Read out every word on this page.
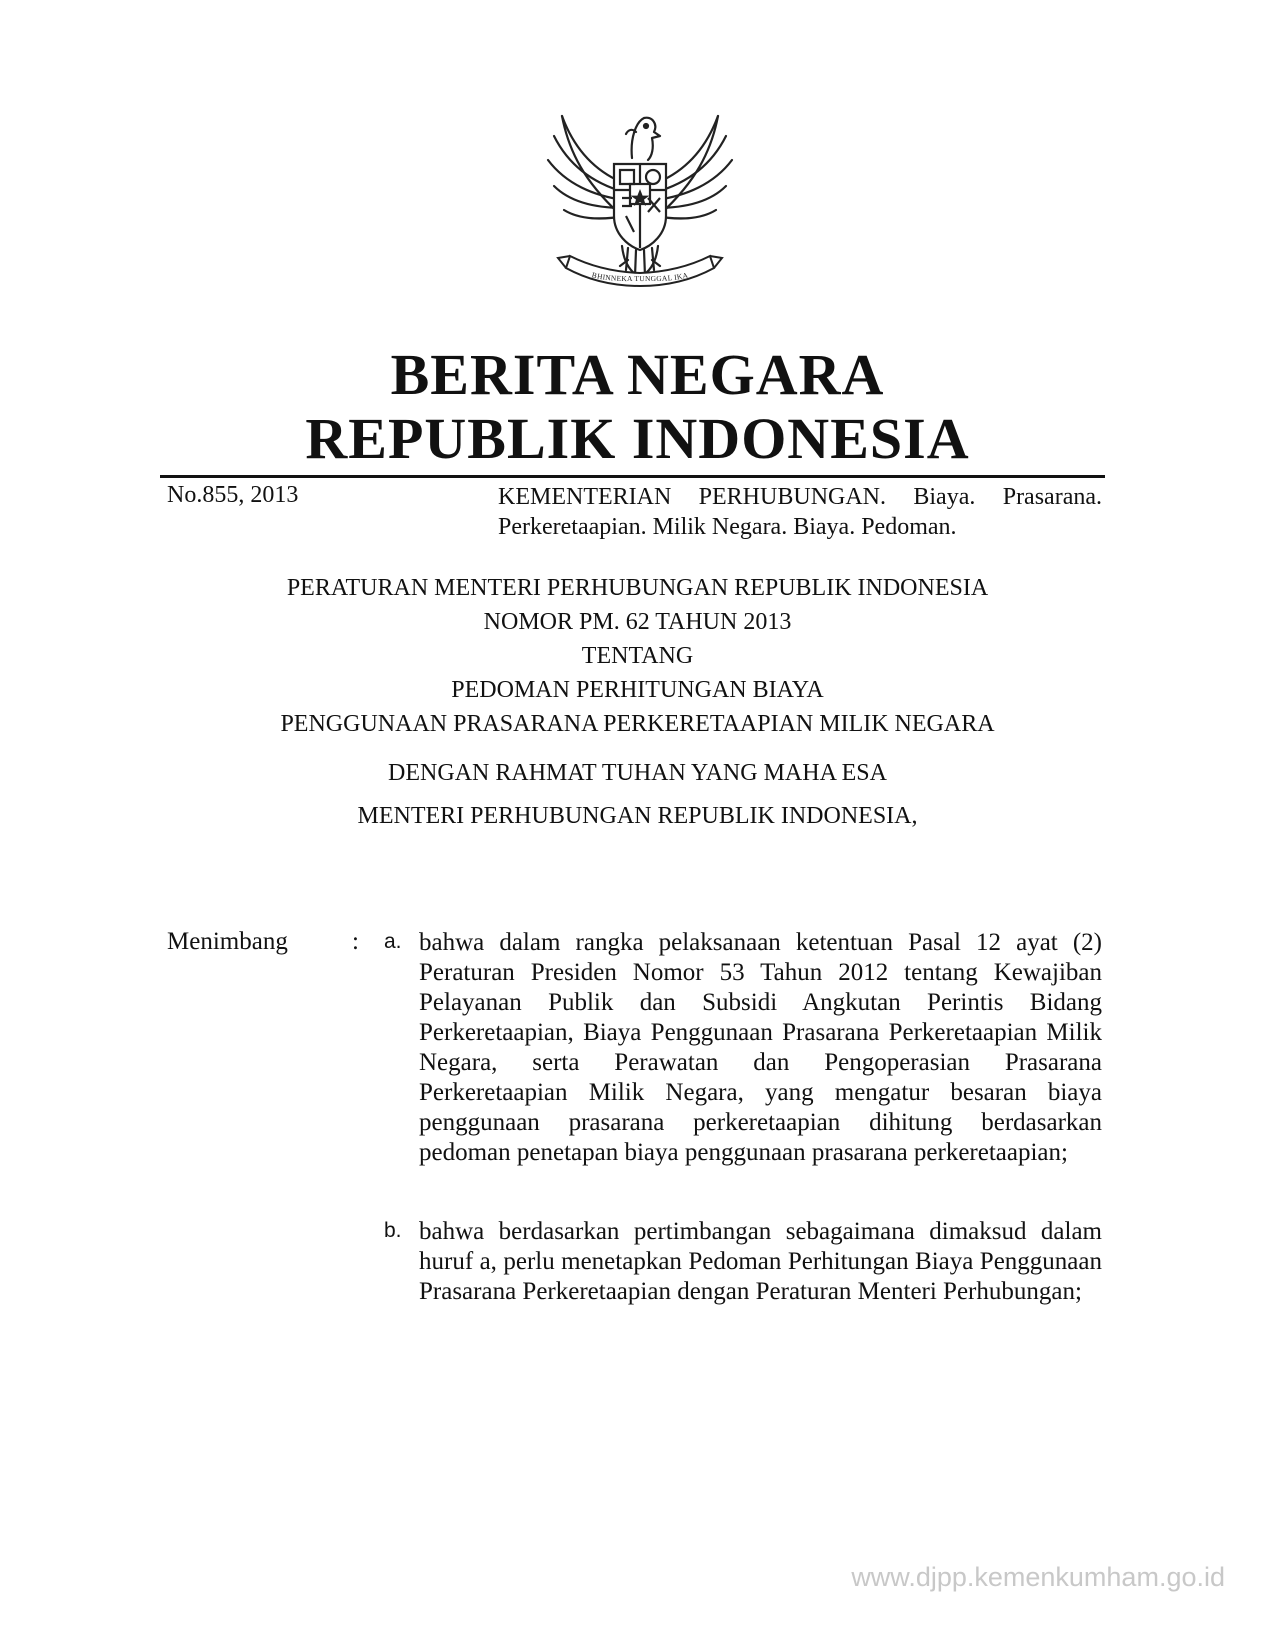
BHINNEKA TUNGGAL IKA
BERITA NEGARA
REPUBLIK INDONESIA
No.855, 2013	KEMENTERIAN PERHUBUNGAN. Biaya. Prasarana. Perkeretaapian. Milik Negara. Biaya. Pedoman.
PERATURAN MENTERI PERHUBUNGAN REPUBLIK INDONESIA
NOMOR PM. 62 TAHUN 2013
TENTANG
PEDOMAN PERHITUNGAN BIAYA
PENGGUNAAN PRASARANA PERKERETAAPIAN MILIK NEGARA
DENGAN RAHMAT TUHAN YANG MAHA ESA
MENTERI PERHUBUNGAN REPUBLIK INDONESIA,
Menimbang	: a. bahwa dalam rangka pelaksanaan ketentuan Pasal 12 ayat (2) Peraturan Presiden Nomor 53 Tahun 2012 tentang Kewajiban Pelayanan Publik dan Subsidi Angkutan Perintis Bidang Perkeretaapian, Biaya Penggunaan Prasarana Perkeretaapian Milik Negara, serta Perawatan dan Pengoperasian Prasarana Perkeretaapian Milik Negara, yang mengatur besaran biaya penggunaan prasarana perkeretaapian dihitung berdasarkan pedoman penetapan biaya penggunaan prasarana perkeretaapian;
b. bahwa berdasarkan pertimbangan sebagaimana dimaksud dalam huruf a, perlu menetapkan Pedoman Perhitungan Biaya Penggunaan Prasarana Perkeretaapian dengan Peraturan Menteri Perhubungan;
www.djpp.kemenkumham.go.id
